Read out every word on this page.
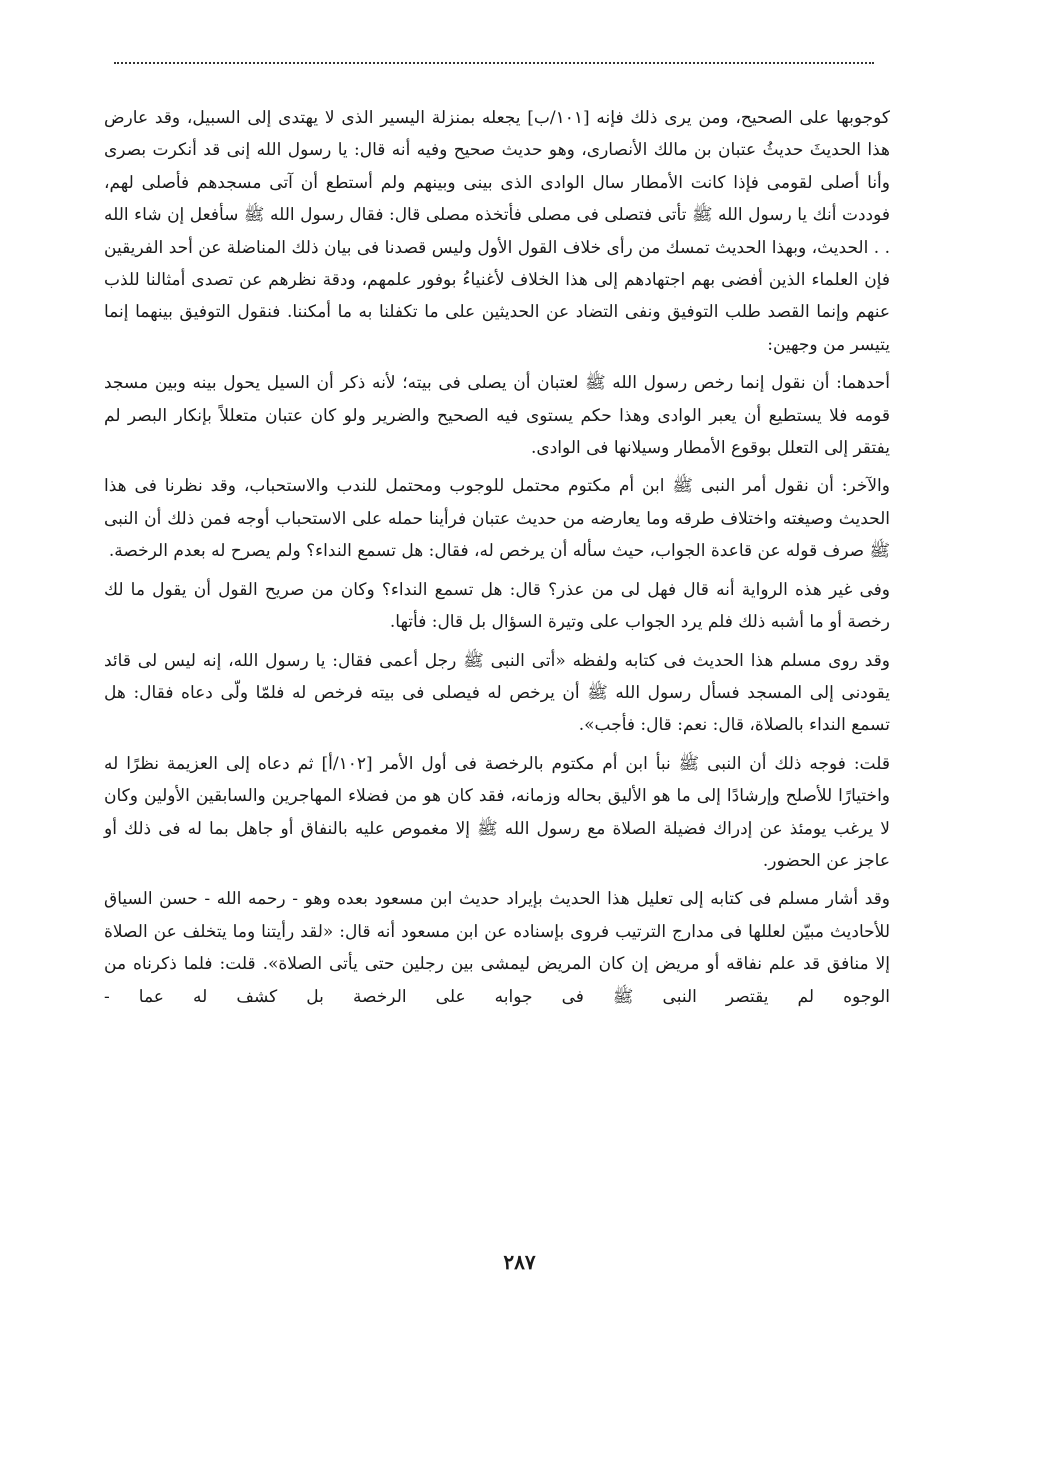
كوجوبها على الصحيح، ومن يرى ذلك فإنه [١٠١/ب] يجعله بمنزلة اليسير الذى لا يهتدى إلى السبيل، وقد عارض هذا الحديثَ حديثُ عتبان بن مالك الأنصارى، وهو حديث صحيح وفيه أنه قال: يا رسول الله إنى قد أنكرت بصرى وأنا أصلى لقومى فإذا كانت الأمطار سال الوادى الذى بينى وبينهم ولم أستطع أن آتى مسجدهم فأصلى لهم، فوددت أنك يا رسول الله ﷺ تأتى فتصلى فى مصلى فأتخذه مصلى قال: فقال رسول الله ﷺ سأفعل إن شاء الله . . الحديث، وبهذا الحديث تمسك من رأى خلاف القول الأول وليس قصدنا فى بيان ذلك المناضلة عن أحد الفريقين فإن العلماء الذين أفضى بهم اجتهادهم إلى هذا الخلاف لأغنياءُ بوفور علمهم، ودقة نظرهم عن تصدى أمثالنا للذب عنهم وإنما القصد طلب التوفيق ونفى التضاد عن الحديثين على ما تكفلنا به ما أمكننا. فنقول التوفيق بينهما إنما يتيسر من وجهين:

أحدهما: أن نقول إنما رخص رسول الله ﷺ لعتبان أن يصلى فى بيته؛ لأنه ذكر أن السيل يحول بينه وبين مسجد قومه فلا يستطيع أن يعبر الوادى وهذا حكم يستوى فيه الصحيح والضرير ولو كان عتبان متعللاً بإنكار البصر لم يفتقر إلى التعلل بوقوع الأمطار وسيلانها فى الوادى.

والآخر: أن نقول أمر النبى ﷺ ابن أم مكتوم محتمل للوجوب ومحتمل للندب والاستحباب، وقد نظرنا فى هذا الحديث وصيغته واختلاف طرقه وما يعارضه من حديث عتبان فرأينا حمله على الاستحباب أوجه فمن ذلك أن النبى ﷺ صرف قوله عن قاعدة الجواب، حيث سأله أن يرخص له، فقال: هل تسمع النداء؟ ولم يصرح له بعدم الرخصة.

وفى غير هذه الرواية أنه قال فهل لى من عذر؟ قال: هل تسمع النداء؟ وكان من صريح القول أن يقول ما لك رخصة أو ما أشبه ذلك فلم يرد الجواب على وتيرة السؤال بل قال: فأتها.

وقد روى مسلم هذا الحديث فى كتابه ولفظه «أتى النبى ﷺ رجل أعمى فقال: يا رسول الله، إنه ليس لى قائد يقودنى إلى المسجد فسأل رسول الله ﷺ أن يرخص له فيصلى فى بيته فرخص له فلمّا ولّى دعاه فقال: هل تسمع النداء بالصلاة، قال: نعم: قال: فأجب».

قلت: فوجه ذلك أن النبى ﷺ نبأ ابن أم مكتوم بالرخصة فى أول الأمر [١٠٢/أ] ثم دعاه إلى العزيمة نظرًا له واختيارًا للأصلح وإرشادًا إلى ما هو الأليق بحاله وزمانه، فقد كان هو من فضلاء المهاجرين والسابقين الأولين وكان لا يرغب يومئذ عن إدراك فضيلة الصلاة مع رسول الله ﷺ إلا مغموص عليه بالنفاق أو جاهل بما له فى ذلك أو عاجز عن الحضور.

وقد أشار مسلم فى كتابه إلى تعليل هذا الحديث بإيراد حديث ابن مسعود بعده وهو - رحمه الله - حسن السياق للأحاديث مبيّن لعللها فى مدارج الترتيب فروى بإسناده عن ابن مسعود أنه قال: «لقد رأيتنا وما يتخلف عن الصلاة إلا منافق قد علم نفاقه أو مريض إن كان المريض ليمشى بين رجلين حتى يأتى الصلاة». قلت: فلما ذكرناه من الوجوه لم يقتصر النبى ﷺ فى جوابه على الرخصة بل كشف له عما -

٢٨٧
